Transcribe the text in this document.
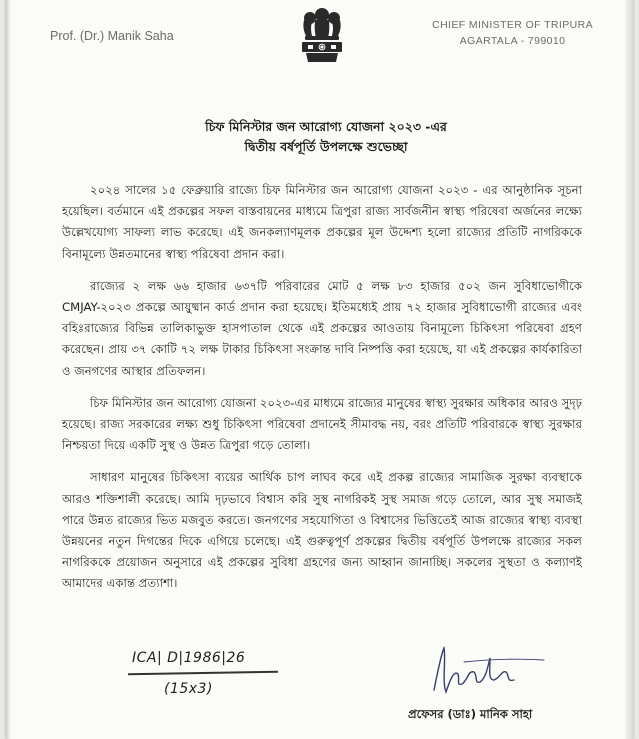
Prof. (Dr.) Manik Saha
CHIEF MINISTER OF TRIPURA
AGARTALA - 799010
চিফ মিনিস্টার জন আরোগ্য যোজনা ২০২৩ -এর
দ্বিতীয় বর্ষপূর্তি উপলক্ষে শুভেচ্ছা

২০২৪ সালের ১৫ ফেব্রুয়ারি রাজ্যে চিফ মিনিস্টার জন আরোগ্য যোজনা ২০২৩ - এর আনুষ্ঠানিক সূচনা হয়েছিল। বর্তমানে এই প্রকল্পের সফল বাস্তবায়নের মাধ্যমে ত্রিপুরা রাজ্য সার্বজনীন স্বাস্থ্য পরিষেবা অর্জনের লক্ষ্যে উল্লেখযোগ্য সাফল্য লাভ করেছে। এই জনকল্যাণমূলক প্রকল্পের মূল উদ্দেশ্য হলো রাজ্যের প্রতিটি নাগরিককে বিনামূল্যে উন্নতমানের স্বাস্থ্য পরিষেবা প্রদান করা।

রাজ্যের ২ লক্ষ ৬৬ হাজার ৬৩৭টি পরিবারের মোট ৫ লক্ষ ৮৩ হাজার ৫০২ জন সুবিধাভোগীকে CMJAY-২০২৩ প্রকল্পে আয়ুষ্মান কার্ড প্রদান করা হয়েছে। ইতিমধ্যেই প্রায় ৭২ হাজার সুবিধাভোগী রাজ্যের এবং বহিঃরাজ্যের বিভিন্ন তালিকাভুক্ত হাসপাতাল থেকে এই প্রকল্পের আওতায় বিনামূল্যে চিকিৎসা পরিষেবা গ্রহণ করেছেন। প্রায় ৩৭ কোটি ৭২ লক্ষ টাকার চিকিৎসা সংক্রান্ত দাবি নিষ্পত্তি করা হয়েছে, যা এই প্রকল্পের কার্যকারিতা ও জনগণের আস্থার প্রতিফলন।

চিফ মিনিস্টার জন আরোগ্য যোজনা ২০২৩-এর মাধ্যমে রাজ্যের মানুষের স্বাস্থ্য সুরক্ষার অধিকার আরও সুদৃঢ় হয়েছে। রাজ্য সরকারের লক্ষ্য শুধু চিকিৎসা পরিষেবা প্রদানেই সীমাবদ্ধ নয়, বরং প্রতিটি পরিবারকে স্বাস্থ্য সুরক্ষার নিশ্চয়তা দিয়ে একটি সুস্থ ও উন্নত ত্রিপুরা গড়ে তোলা।

সাধারণ মানুষের চিকিৎসা ব্যয়ের আর্থিক চাপ লাঘব করে এই প্রকল্প রাজ্যের সামাজিক সুরক্ষা ব্যবস্থাকে আরও শক্তিশালী করেছে। আমি দৃঢ়ভাবে বিশ্বাস করি সুস্থ নাগরিকই সুস্থ সমাজ গড়ে তোলে, আর সুস্থ সমাজই পারে উন্নত রাজ্যের ভিত মজবুত করতে। জনগণের সহযোগিতা ও বিশ্বাসের ভিত্তিতেই আজ রাজ্যের স্বাস্থ্য ব্যবস্থা উন্নয়নের নতুন দিগন্তের দিকে এগিয়ে চলেছে। এই গুরুত্বপূর্ণ প্রকল্পের দ্বিতীয় বর্ষপূর্তি উপলক্ষে রাজ্যের সকল নাগরিককে প্রয়োজন অনুসারে এই প্রকল্পের সুবিধা গ্রহণের জন্য আহ্বান জানাচ্ছি। সকলের সুস্থতা ও কল্যাণই আমাদের একান্ত প্রত্যাশা।

ICA| D|1986|26
(15x3)
প্রফেসর (ডাঃ) মানিক সাহা
